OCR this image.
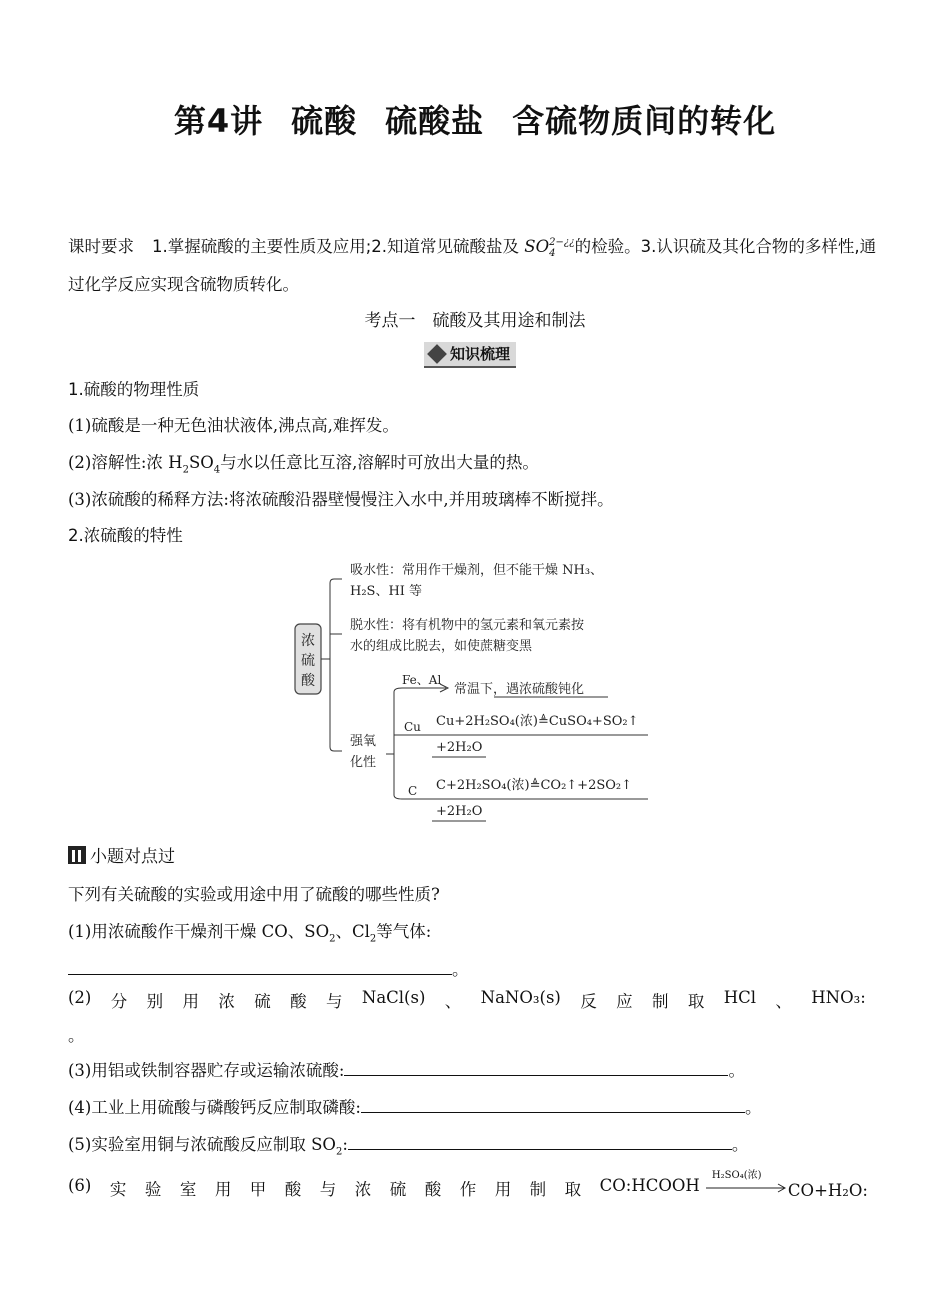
第4讲 硫酸 硫酸盐 含硫物质间的转化
课时要求 1.掌握硫酸的主要性质及应用;2.知道常见硫酸盐及 SO 2−¿¿
4	的检验。3.认识硫及其化合物的多样性,通过化学反应实现含硫物质转化。
考点一　硫酸及其用途和制法
知识梳理
1.硫酸的物理性质
(1)硫酸是一种无色油状液体,沸点高,难挥发。
(2)溶解性:浓 $H_2SO_4$与水以任意比互溶,溶解时可放出大量的热。
(3)浓硫酸的稀释方法:将浓硫酸沿器壁慢慢注入水中,并用玻璃棒不断搅拌。
2.浓硫酸的特性
浓
硫
酸
吸水性：常用作干燥剂，但不能干燥 NH₃、
H₂S、HI 等
脱水性：将有机物中的氢元素和氧元素按
水的组成比脱去，如使蔗糖变黑
强氧
化性
Fe、Al
常温下，遇浓硫酸钝化
Cu Cu+2H₂SO₄(浓)≜CuSO₄+SO₂↑
+2H₂O
C C+2H₂SO₄(浓)≜CO₂↑+2SO₂↑
+2H₂O
小题对点过
下列有关硫酸的实验或用途中用了硫酸的哪些性质?
(1)用浓硫酸作干燥剂干燥 CO、$SO_2$、$Cl_2$等气体:
。
(2) 分 别 用 浓 硫 酸 与 NaCl(s) 、 NaNO₃(s) 反 应 制 取 HCl 、 HNO₃:
。
(3)用铝或铁制容器贮存或运输浓硫酸:	。
(4)工业上用硫酸与磷酸钙反应制取磷酸:	。
(5)实验室用铜与浓硫酸反应制取 $SO_2$:	。
(6) 实 验 室 用 甲 酸 与 浓 硫 酸 作 用 制 取 CO:HCOOH
H₂SO₄(浓)
CO+H₂O:
